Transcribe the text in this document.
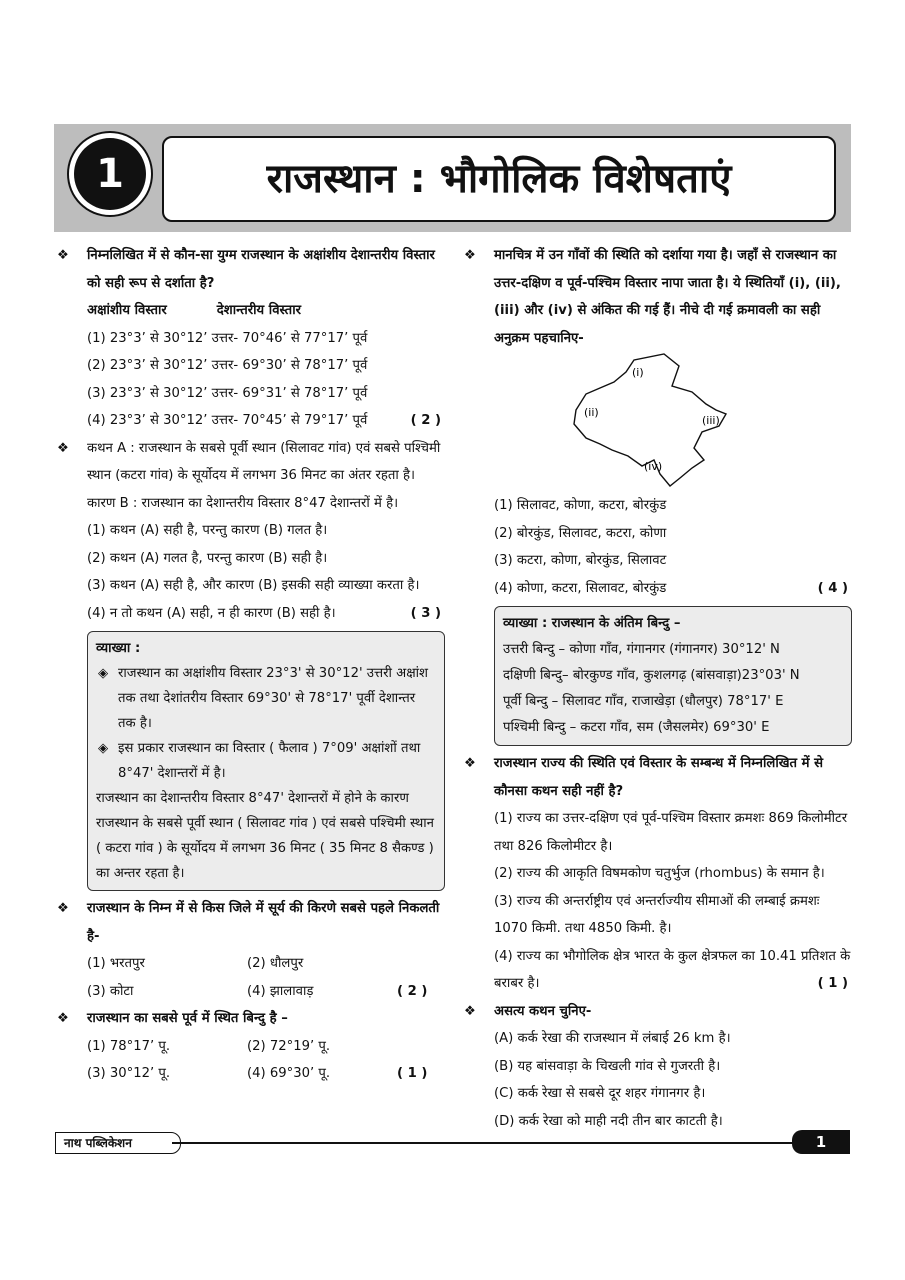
1	राजस्थान : भौगोलिक विशेषताएं
❖ निम्नलिखित में से कौन-सा युग्म राजस्थान के अक्षांशीय देशान्तरीय विस्तार को सही रूप से दर्शाता है?
अक्षांशीय विस्तार	देशान्तरीय विस्तार
(1) 23°3’ से 30°12’ उत्तर- 70°46’ से 77°17’ पूर्व
(2) 23°3’ से 30°12’ उत्तर- 69°30’ से 78°17’ पूर्व
(3) 23°3’ से 30°12’ उत्तर- 69°31’ से 78°17’ पूर्व
(4) 23°3’ से 30°12’ उत्तर- 70°45’ से 79°17’ पूर्व	( 2 )
❖ कथन A : राजस्थान के सबसे पूर्वी स्थान (सिलावट गांव) एवं सबसे पश्चिमी स्थान (कटरा गांव) के सूर्योदय में लगभग 36 मिनट का अंतर रहता है।
कारण B : राजस्थान का देशान्तरीय विस्तार 8°47 देशान्तरों में है।
(1) कथन (A) सही है, परन्तु कारण (B) गलत है।
(2) कथन (A) गलत है, परन्तु कारण (B) सही है।
(3) कथन (A) सही है, और कारण (B) इसकी सही व्याख्या करता है।
(4) न तो कथन (A) सही, न ही कारण (B) सही है।	( 3 )
व्याख्या :
◈ राजस्थान का अक्षांशीय विस्तार 23°3' से 30°12' उत्तरी अक्षांश तक तथा देशांतरीय विस्तार 69°30' से 78°17' पूर्वी देशान्तर तक है।
◈ इस प्रकार राजस्थान का विस्तार ( फैलाव ) 7°09' अक्षांशों तथा 8°47' देशान्तरों में है।
राजस्थान का देशान्तरीय विस्तार 8°47' देशान्तरों में होने के कारण राजस्थान के सबसे पूर्वी स्थान ( सिलावट गांव ) एवं सबसे पश्चिमी स्थान ( कटरा गांव ) के सूर्योदय में लगभग 36 मिनट ( 35 मिनट 8 सैकण्ड ) का अन्तर रहता है।
❖ राजस्थान के निम्न में से किस जिले में सूर्य की किरणे सबसे पहले निकलती है-
(1) भरतपुर	(2) धौलपुर
(3) कोटा	(4) झालावाड़	( 2 )
❖ राजस्थान का सबसे पूर्व में स्थित बिन्दु है –
(1) 78°17’ पू.	(2) 72°19’ पू.
(3) 30°12’ पू.	(4) 69°30’ पू.	( 1 )
❖ मानचित्र में उन गाँवों की स्थिति को दर्शाया गया है। जहाँ से राजस्थान का उत्तर-दक्षिण व पूर्व-पश्चिम विस्तार नापा जाता है। ये स्थितियाँ (i), (ii), (iii) और (iv) से अंकित की गई हैं। नीचे दी गई क्रमावली का सही अनुक्रम पहचानिए-
(i)
(ii)
(iii)
(iv)
(1) सिलावट, कोणा, कटरा, बोरकुंड
(2) बोरकुंड, सिलावट, कटरा, कोणा
(3) कटरा, कोणा, बोरकुंड, सिलावट
(4) कोणा, कटरा, सिलावट, बोरकुंड	( 4 )
व्याख्या : राजस्थान के अंतिम बिन्दु –
उत्तरी बिन्दु – कोणा गाँव, गंगानगर (गंगानगर) 30°12' N
दक्षिणी बिन्दु– बोरकुण्ड गाँव, कुशलगढ़ (बांसवाड़ा)23°03' N
पूर्वी बिन्दु – सिलावट गाँव, राजाखेड़ा (धौलपुर) 78°17' E
पश्चिमी बिन्दु – कटरा गाँव, सम (जैसलमेर) 69°30' E
❖ राजस्थान राज्य की स्थिति एवं विस्तार के सम्बन्ध में निम्नलिखित में से कौनसा कथन सही नहीं है?
(1) राज्य का उत्तर-दक्षिण एवं पूर्व-पश्चिम विस्तार क्रमशः 869 किलोमीटर तथा 826 किलोमीटर है।
(2) राज्य की आकृति विषमकोण चतुर्भुज (rhombus) के समान है।
(3) राज्य की अन्तर्राष्ट्रीय एवं अन्तर्राज्यीय सीमाओं की लम्बाई क्रमशः 1070 किमी. तथा 4850 किमी. है।
(4) राज्य का भौगोलिक क्षेत्र भारत के कुल क्षेत्रफल का 10.41 प्रतिशत के बराबर है।	( 1 )
❖ असत्य कथन चुनिए-
(A) कर्क रेखा की राजस्थान में लंबाई 26 km है।
(B) यह बांसवाड़ा के चिखली गांव से गुजरती है।
(C) कर्क रेखा से सबसे दूर शहर गंगानगर है।
(D) कर्क रेखा को माही नदी तीन बार काटती है।
नाथ पब्लिकेशन	1
